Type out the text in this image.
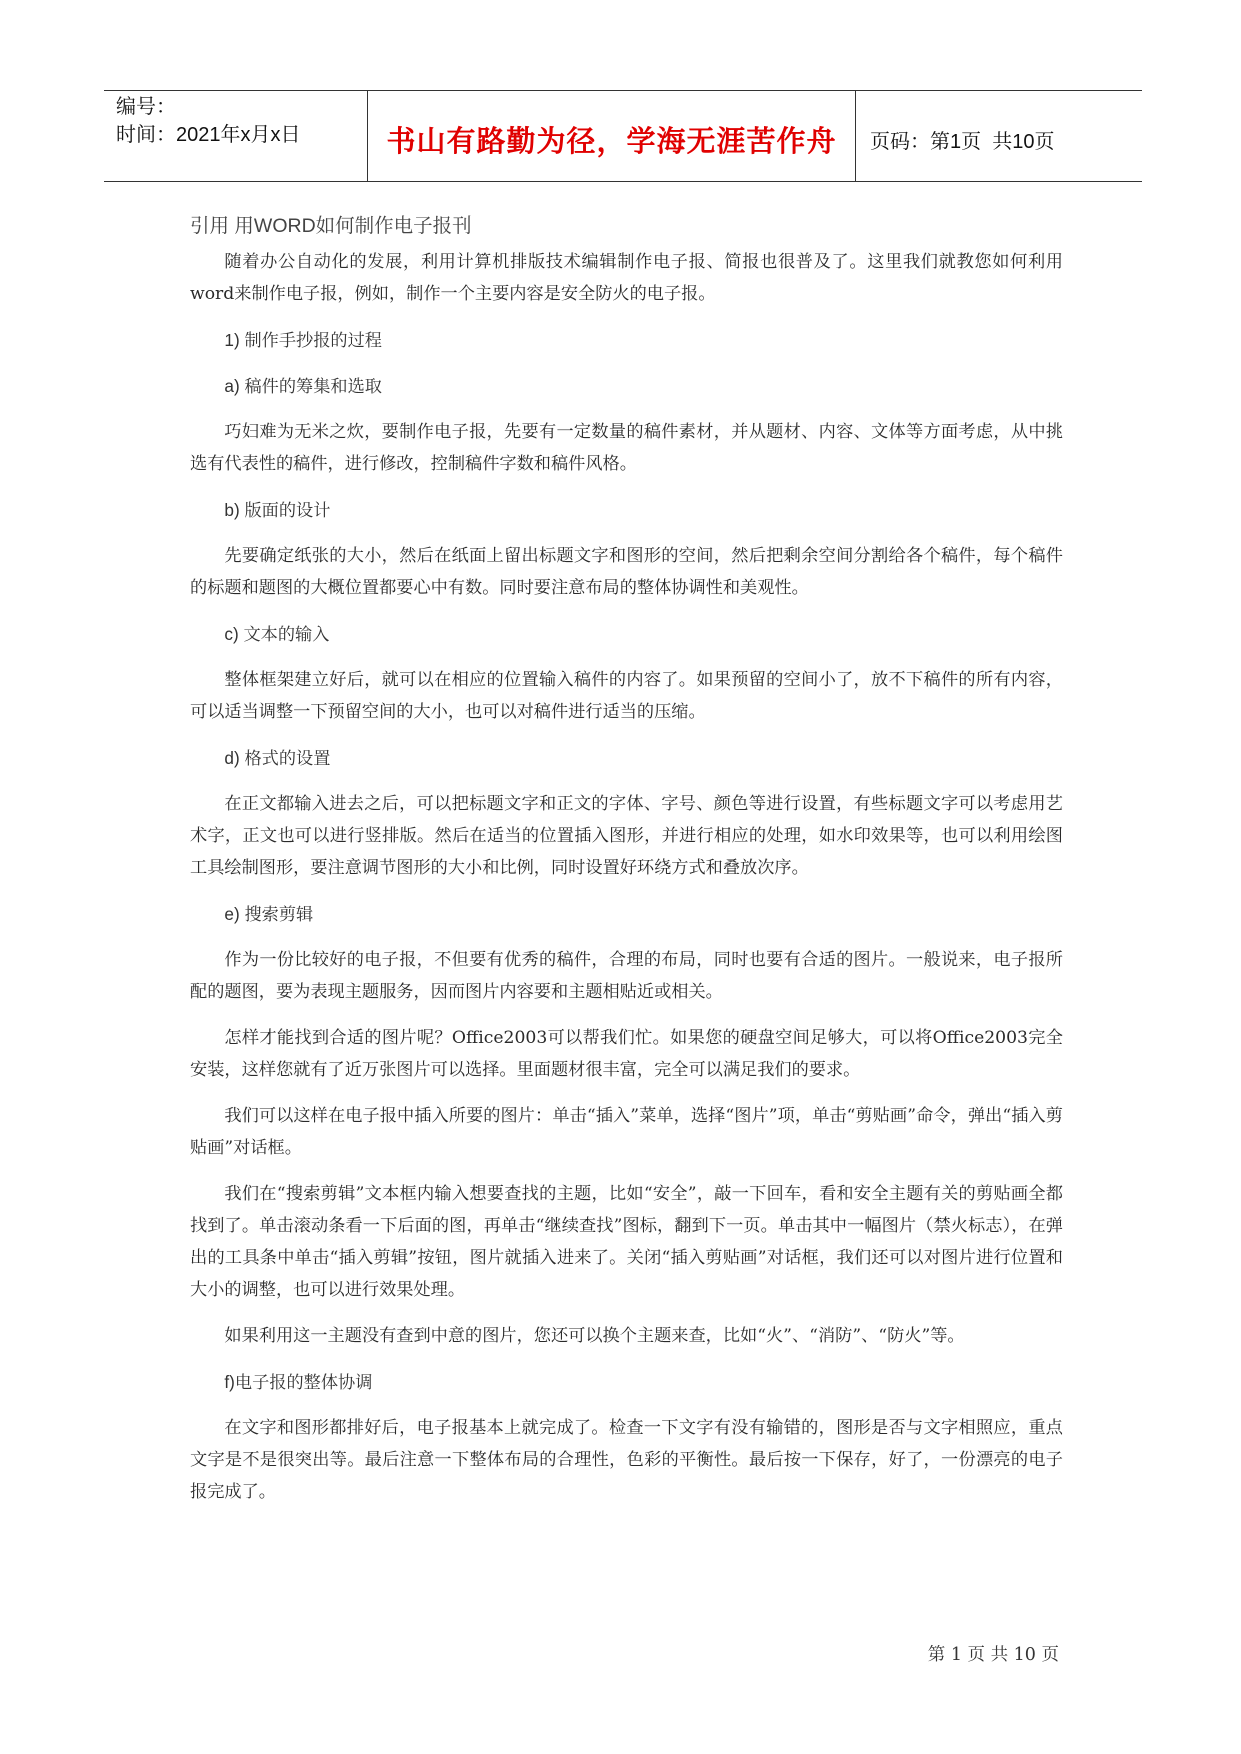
编号：
时间：2021年x月x日	书山有路勤为径，学海无涯苦作舟	页码：第1页  共10页

引用 用WORD如何制作电子报刊

随着办公自动化的发展，利用计算机排版技术编辑制作电子报、简报也很普及了。这里我们就教您如何利用word来制作电子报，例如，制作一个主要内容是安全防火的电子报。

1) 制作手抄报的过程

a) 稿件的筹集和选取

巧妇难为无米之炊，要制作电子报，先要有一定数量的稿件素材，并从题材、内容、文体等方面考虑，从中挑选有代表性的稿件，进行修改，控制稿件字数和稿件风格。

b) 版面的设计

先要确定纸张的大小，然后在纸面上留出标题文字和图形的空间，然后把剩余空间分割给各个稿件，每个稿件的标题和题图的大概位置都要心中有数。同时要注意布局的整体协调性和美观性。

c) 文本的输入

整体框架建立好后，就可以在相应的位置输入稿件的内容了。如果预留的空间小了，放不下稿件的所有内容，可以适当调整一下预留空间的大小，也可以对稿件进行适当的压缩。

d) 格式的设置

在正文都输入进去之后，可以把标题文字和正文的字体、字号、颜色等进行设置，有些标题文字可以考虑用艺术字，正文也可以进行竖排版。然后在适当的位置插入图形，并进行相应的处理，如水印效果等，也可以利用绘图工具绘制图形，要注意调节图形的大小和比例，同时设置好环绕方式和叠放次序。

e) 搜索剪辑

作为一份比较好的电子报，不但要有优秀的稿件，合理的布局，同时也要有合适的图片。一般说来，电子报所配的题图，要为表现主题服务，因而图片内容要和主题相贴近或相关。

怎样才能找到合适的图片呢？Office2003可以帮我们忙。如果您的硬盘空间足够大，可以将Office2003完全安装，这样您就有了近万张图片可以选择。里面题材很丰富，完全可以满足我们的要求。

我们可以这样在电子报中插入所要的图片：单击“插入”菜单，选择“图片”项，单击“剪贴画”命令，弹出“插入剪贴画”对话框。

我们在“搜索剪辑”文本框内输入想要查找的主题，比如“安全”，敲一下回车，看和安全主题有关的剪贴画全都找到了。单击滚动条看一下后面的图，再单击“继续查找”图标，翻到下一页。单击其中一幅图片（禁火标志），在弹出的工具条中单击“插入剪辑”按钮，图片就插入进来了。关闭“插入剪贴画”对话框，我们还可以对图片进行位置和大小的调整，也可以进行效果处理。

如果利用这一主题没有查到中意的图片，您还可以换个主题来查，比如“火”、“消防”、“防火”等。

f)电子报的整体协调

在文字和图形都排好后，电子报基本上就完成了。检查一下文字有没有输错的，图形是否与文字相照应，重点文字是不是很突出等。最后注意一下整体布局的合理性，色彩的平衡性。最后按一下保存，好了，一份漂亮的电子报完成了。

第 1 页 共 10 页
